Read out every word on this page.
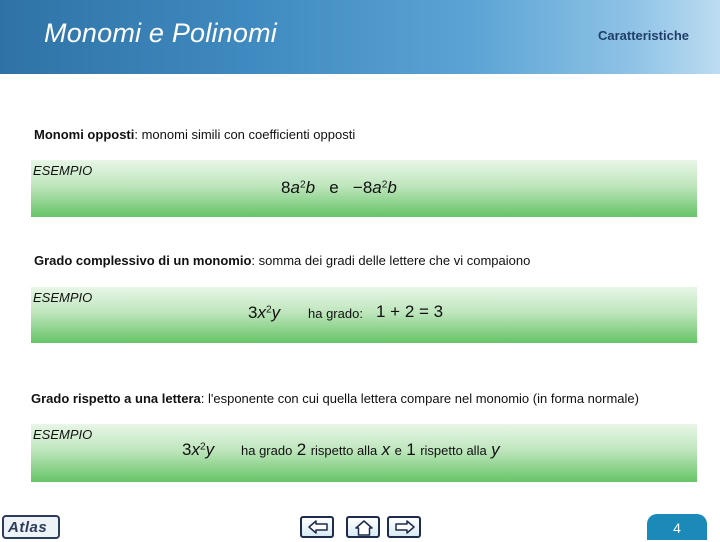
Monomi e Polinomi	Caratteristiche
Monomi opposti: monomi simili con coefficienti opposti
ESEMPIO
$8a^2b$ $e -8a^2b$
Grado complessivo di un monomio: somma dei gradi delle lettere che vi compaiono
ESEMPIO
$3x^2y$ ha grado: 1 + 2 = 3
Grado rispetto a una lettera: l'esponente con cui quella lettera compare nel monomio (in forma normale)
ESEMPIO
$3x^2y$ ha grado 2 rispetto alla x e 1 rispetto alla y
Atlas	4
